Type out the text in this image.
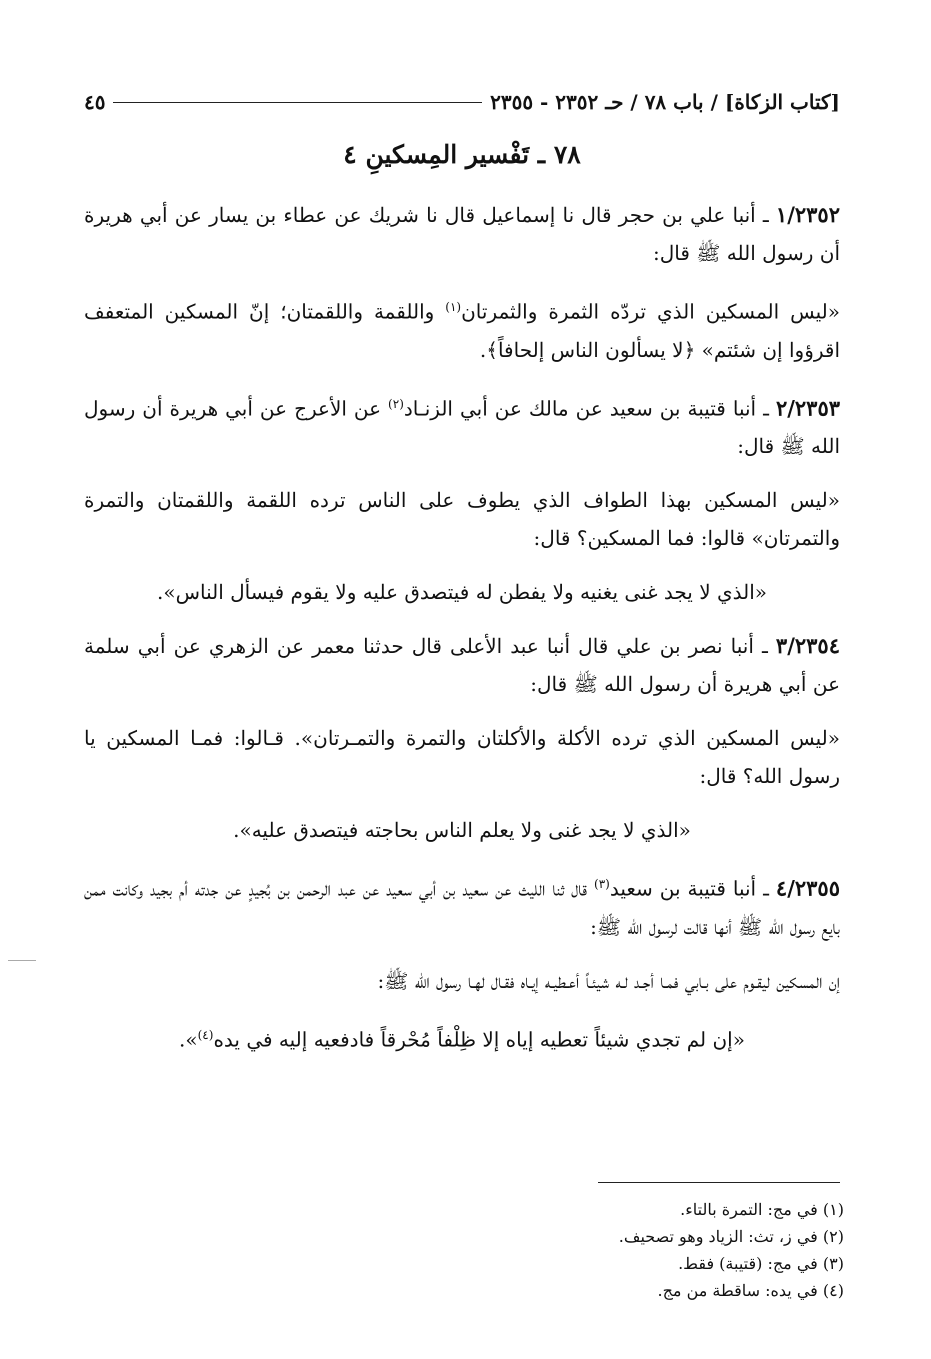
[كتاب الزكاة] / باب ٧٨ / حـ ٢٣٥٢ - ٢٣٥٥
٤٥
٧٨ ـ تَفْسير المِسكينِ ٤
١/٢٣٥٢ ـ أنبا علي بن حجر قال نا إسماعيل قال نا شريك عن عطاء بن يسار عن أبي هريرة أن رسول الله ﷺ قال:
«ليس المسكين الذي تردّه الثمرة والثمرتان$^{(١)}$ واللقمة واللقمتان؛ إنّ المسكين المتعفف اقرؤوا إن شئتم» ﴿لا يسألون الناس إلحافاً﴾.
٢/٢٣٥٣ ـ أنبا قتيبة بن سعيد عن مالك عن أبي الزنـاد$^{(٢)}$ عن الأعرج عن أبي هريرة أن رسول الله ﷺ قال:
«ليس المسكين بهذا الطواف الذي يطوف على الناس ترده اللقمة واللقمتان والتمرة والتمرتان» قالوا: فما المسكين؟ قال:
«الذي لا يجد غنى يغنيه ولا يفطن له فيتصدق عليه ولا يقوم فيسأل الناس».
٣/٢٣٥٤ ـ أنبا نصر بن علي قال أنبا عبد الأعلى قال حدثنا معمر عن الزهري عن أبي سلمة عن أبي هريرة أن رسول الله ﷺ قال:
«ليس المسكين الذي ترده الأكلة والأكلتان والتمرة والتمـرتان». قـالوا: فمـا المسكين يا رسول الله؟ قال:
«الذي لا يجد غنى ولا يعلم الناس بحاجته فيتصدق عليه».
٤/٢٣٥٥ ـ أنبا قتيبة بن سعيد$^{(٣)}$ قال ثنا الليث عن سعيد بن أبي سعيد عن عبد الرحمن بن بُجيدٍ عن جدته أم بجيد وكانت ممن بايع رسول الله ﷺ أنها قالت لرسول الله ﷺ:
إن المسكين ليقـوم على بـابي فمـا أجـد لـه شيئـاً أعـطيـه إيـاه فقـال لهـا رسول الله ﷺ:
«إن لم تجدي شيئاً تعطيه إياه إلا ظِلْفاً مُحْرقاً فادفعيه إليه في يده$^{(٤)}$».
(١) في مج: التمرة بالتاء.
(٢) في ز، تث: الزياد وهو تصحيف.
(٣) في مج: (قتيبة) فقط.
(٤) في يده: ساقطة من مج.
